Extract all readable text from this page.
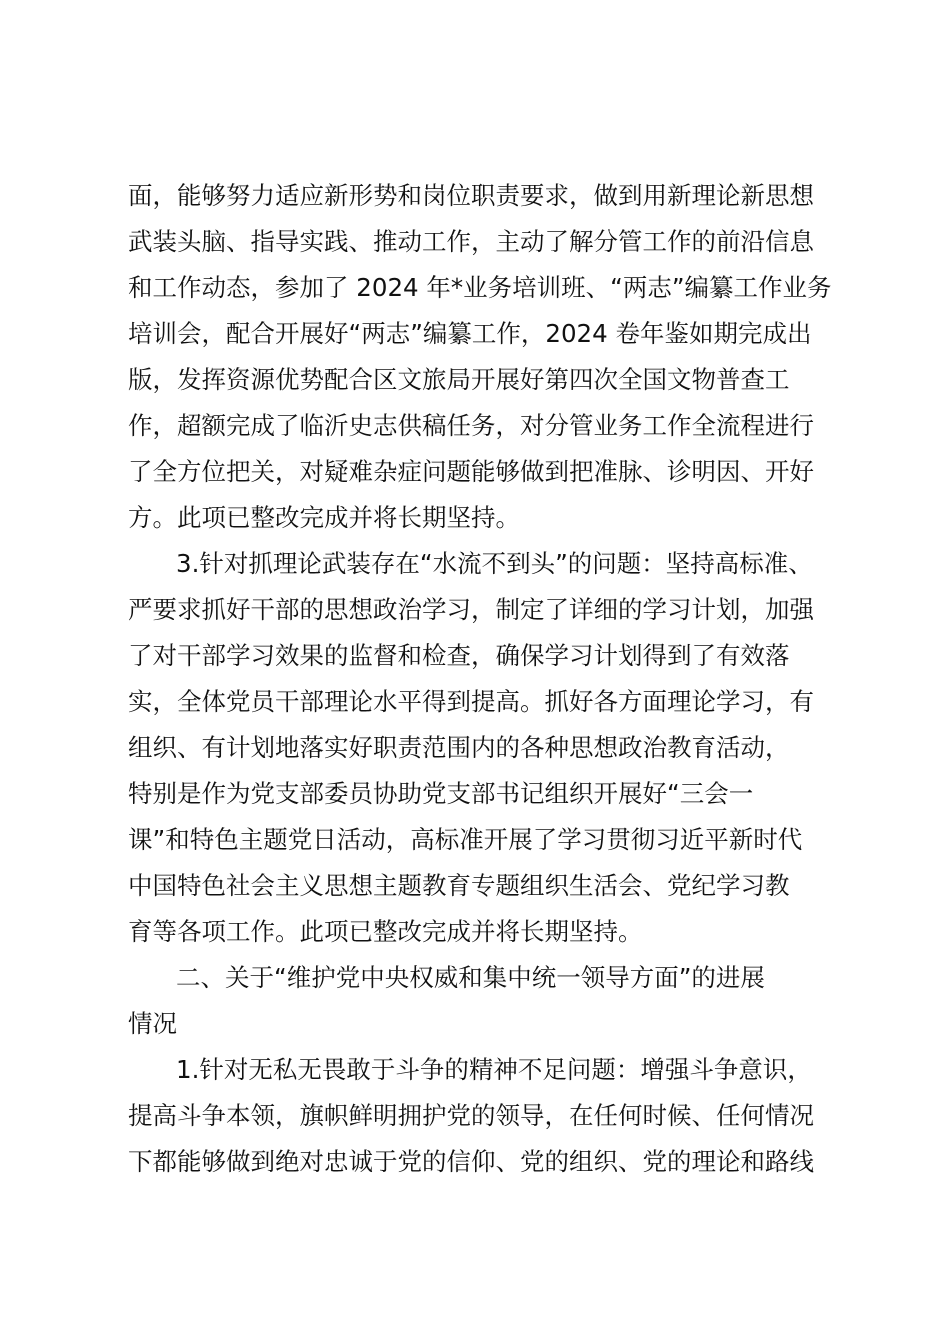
面，能够努力适应新形势和岗位职责要求，做到用新理论新思想
武装头脑、指导实践、推动工作，主动了解分管工作的前沿信息
和工作动态，参加了 2024 年*业务培训班、“两志”编纂工作业务
培训会，配合开展好“两志”编纂工作，2024 卷年鉴如期完成出
版，发挥资源优势配合区文旅局开展好第四次全国文物普查工
作，超额完成了临沂史志供稿任务，对分管业务工作全流程进行
了全方位把关，对疑难杂症问题能够做到把准脉、诊明因、开好
方。此项已整改完成并将长期坚持。
3.针对抓理论武装存在“水流不到头”的问题：坚持高标准、
严要求抓好干部的思想政治学习，制定了详细的学习计划，加强
了对干部学习效果的监督和检查，确保学习计划得到了有效落
实，全体党员干部理论水平得到提高。抓好各方面理论学习，有
组织、有计划地落实好职责范围内的各种思想政治教育活动，
特别是作为党支部委员协助党支部书记组织开展好“三会一
课”和特色主题党日活动，高标准开展了学习贯彻习近平新时代
中国特色社会主义思想主题教育专题组织生活会、党纪学习教
育等各项工作。此项已整改完成并将长期坚持。
二、关于“维护党中央权威和集中统一领导方面”的进展
情况
1.针对无私无畏敢于斗争的精神不足问题：增强斗争意识，
提高斗争本领，旗帜鲜明拥护党的领导，在任何时候、任何情况
下都能够做到绝对忠诚于党的信仰、党的组织、党的理论和路线
